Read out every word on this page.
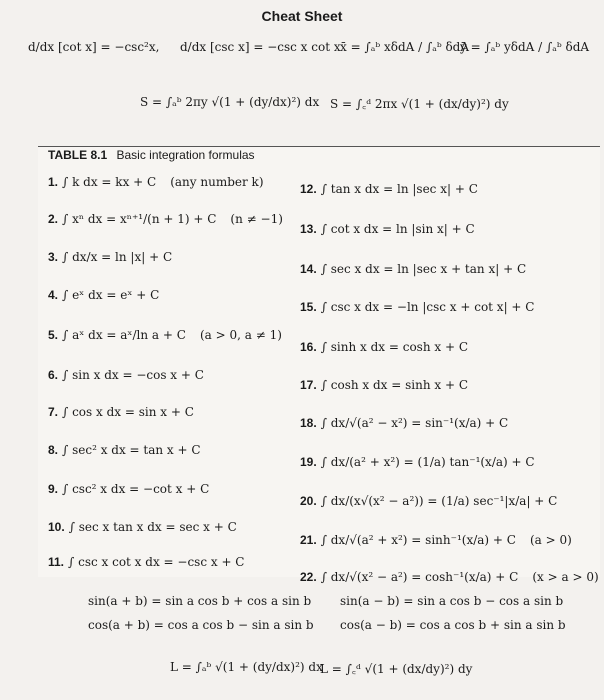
Cheat Sheet
d/dx [cot x] = −csc²x, d/dx [csc x] = −csc x cot x x̄ = ∫ₐᵇ xδdA / ∫ₐᵇ δdA
ȳ = ∫ₐᵇ yδdA / ∫ₐᵇ δdA
S = ∫ₐᵇ 2πy √(1 + (dy/dx)²) dx S = ∫꜀ᵈ 2πx √(1 + (dx/dy)²) dy
TABLE 8.1 Basic integration formulas
1. ∫ k dx = kx + C (any number k)
2. ∫ xⁿ dx = xⁿ⁺¹/(n + 1) + C (n ≠ −1)
3. ∫ dx/x = ln |x| + C
4. ∫ eˣ dx = eˣ + C
5. ∫ aˣ dx = aˣ/ln a + C (a > 0, a ≠ 1)
6. ∫ sin x dx = −cos x + C
7. ∫ cos x dx = sin x + C
8. ∫ sec² x dx = tan x + C
9. ∫ csc² x dx = −cot x + C
10. ∫ sec x tan x dx = sec x + C
11. ∫ csc x cot x dx = −csc x + C
12. ∫ tan x dx = ln |sec x| + C
13. ∫ cot x dx = ln |sin x| + C
14. ∫ sec x dx = ln |sec x + tan x| + C
15. ∫ csc x dx = −ln |csc x + cot x| + C
16. ∫ sinh x dx = cosh x + C
17. ∫ cosh x dx = sinh x + C
18. ∫ dx/√(a² − x²) = sin⁻¹(x/a) + C
19. ∫ dx/(a² + x²) = (1/a) tan⁻¹(x/a) + C
20. ∫ dx/(x√(x² − a²)) = (1/a) sec⁻¹|x/a| + C
21. ∫ dx/√(a² + x²) = sinh⁻¹(x/a) + C (a > 0)
22. ∫ dx/√(x² − a²) = cosh⁻¹(x/a) + C (x > a > 0)
sin(a + b) = sin a cos b + cos a sin b sin(a − b) = sin a cos b − cos a sin b
cos(a + b) = cos a cos b − sin a sin b cos(a − b) = cos a cos b + sin a sin b
L = ∫ₐᵇ √(1 + (dy/dx)²) dx
L = ∫꜀ᵈ √(1 + (dx/dy)²) dy
